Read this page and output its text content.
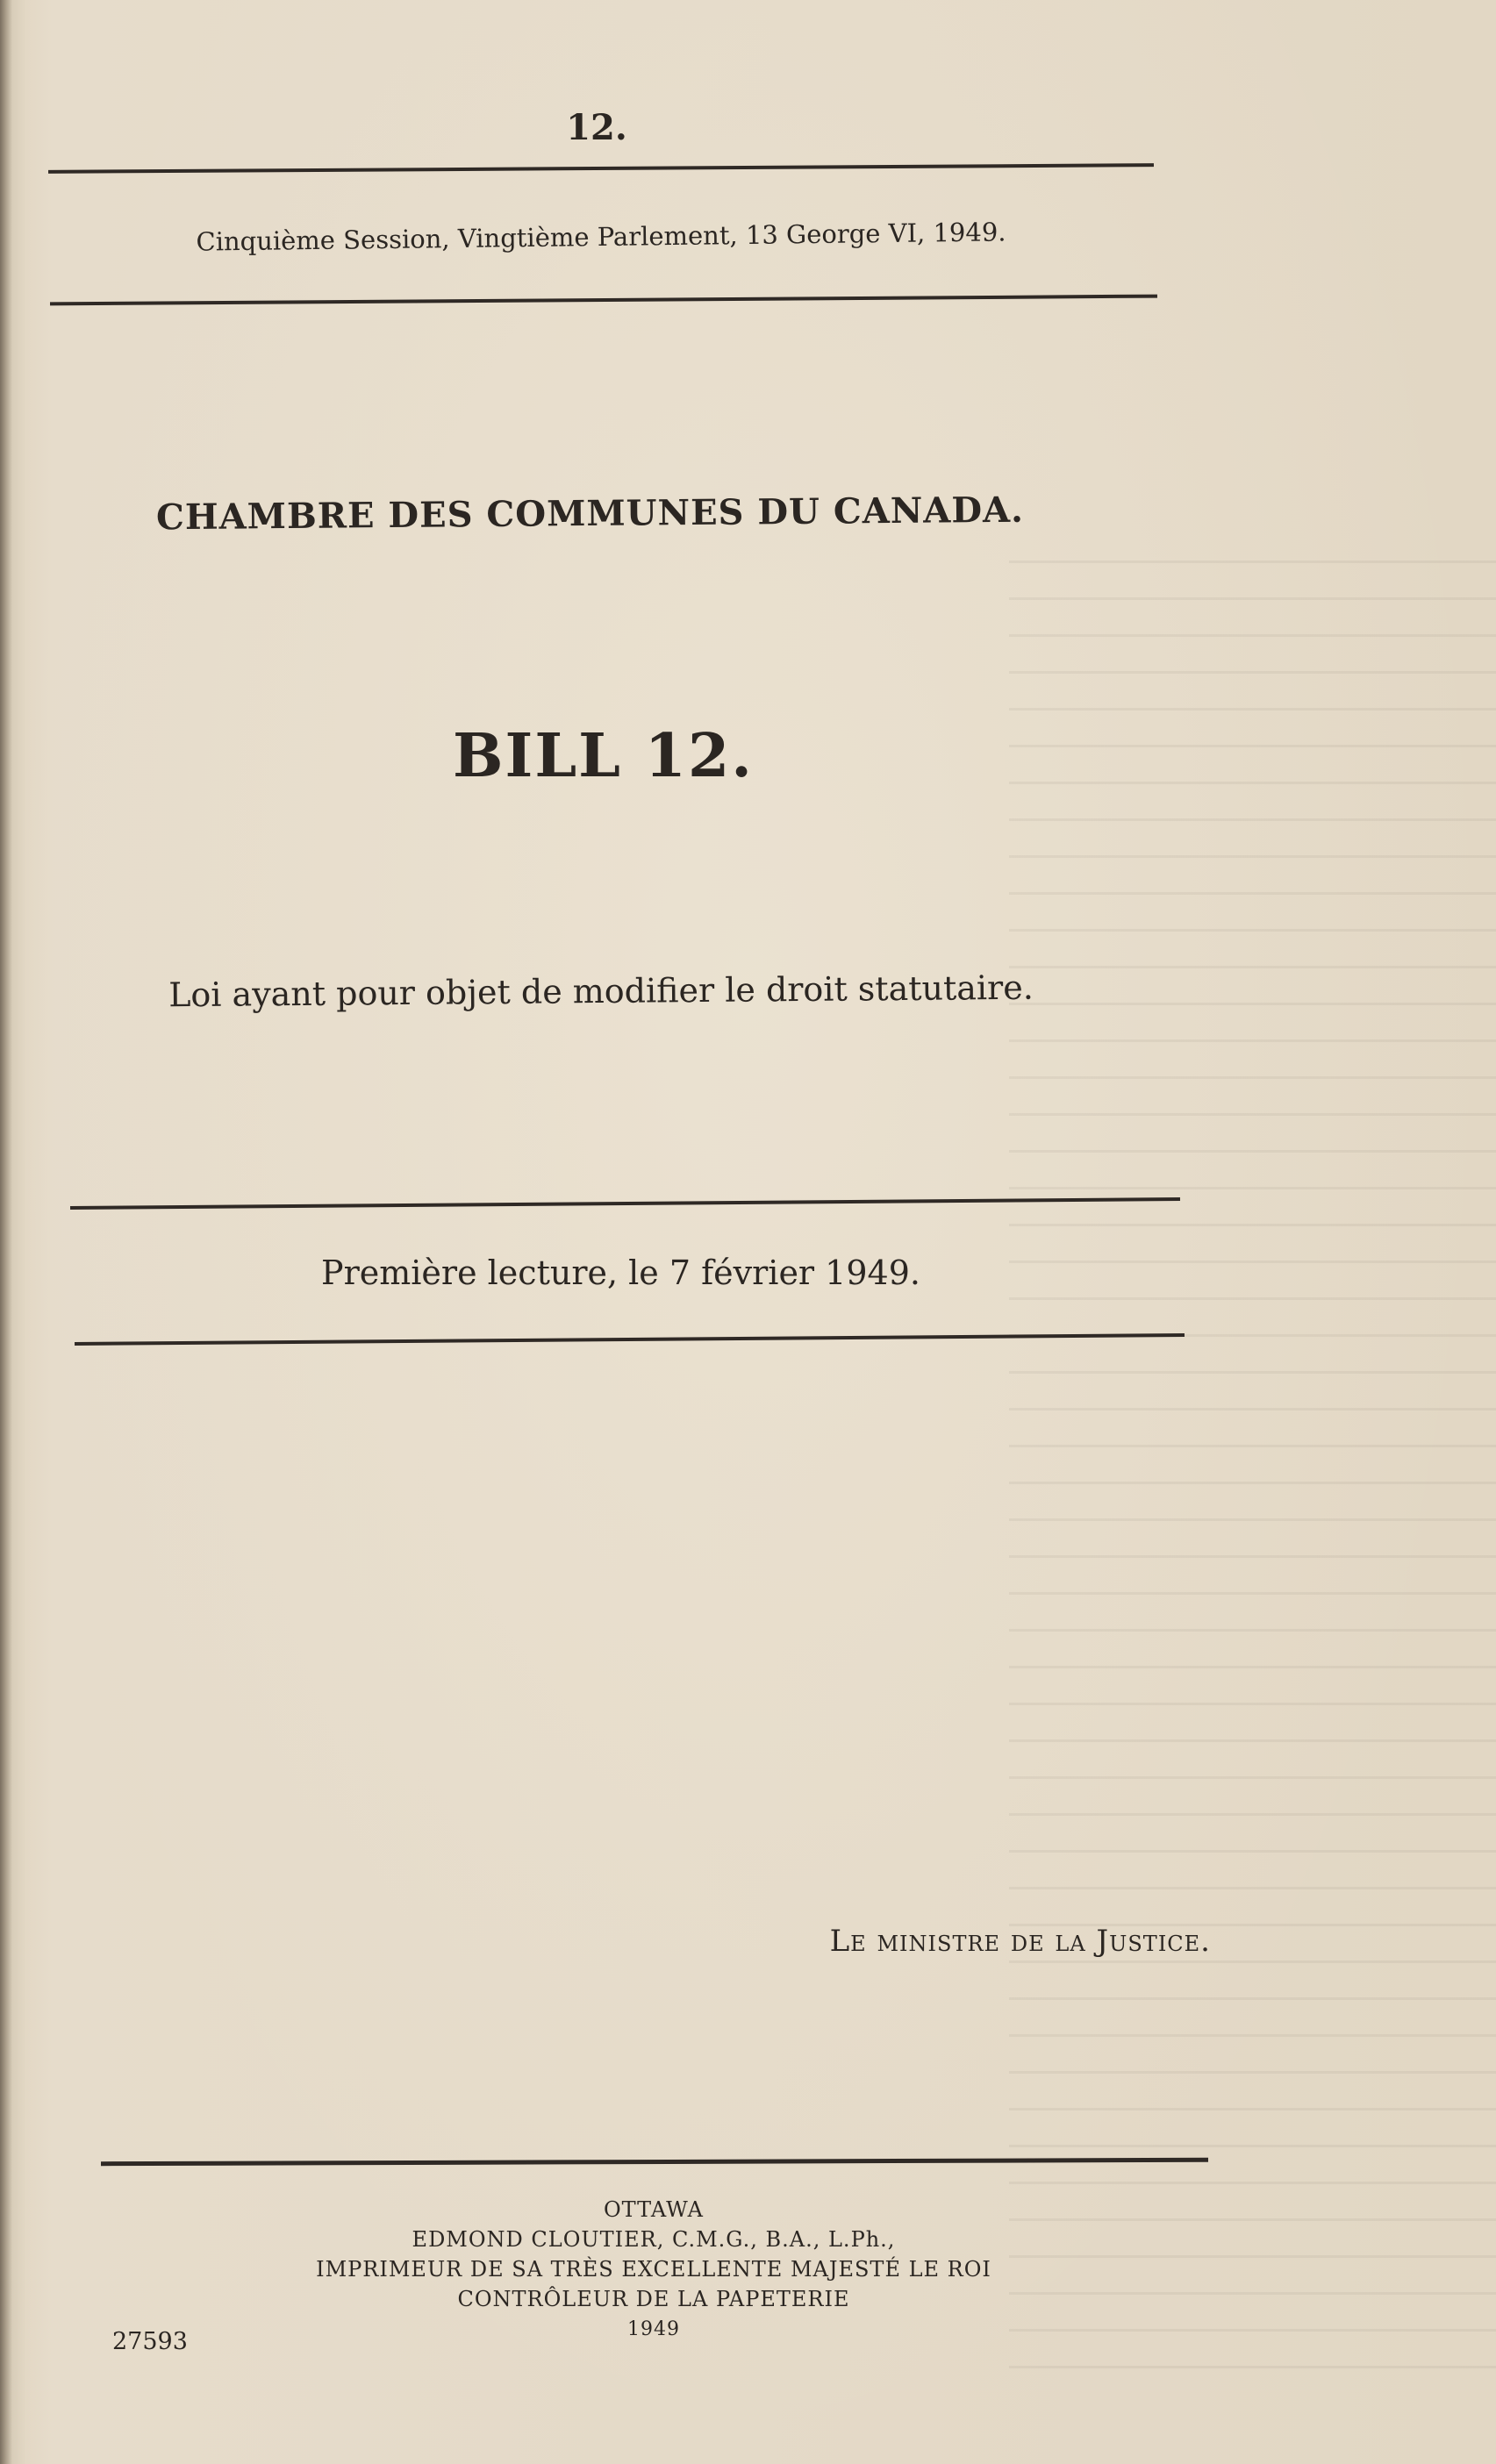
12.
Cinquième Session, Vingtième Parlement, 13 George VI, 1949.
CHAMBRE DES COMMUNES DU CANADA.
BILL 12.
Loi ayant pour objet de modifier le droit statutaire.
Première lecture, le 7 février 1949.
Le ministre de la Justice.
OTTAWA
EDMOND CLOUTIER, C.M.G., B.A., L.Ph.,
IMPRIMEUR DE SA TRÈS EXCELLENTE MAJESTÉ LE ROI
CONTRÔLEUR DE LA PAPETERIE
1949
27593
